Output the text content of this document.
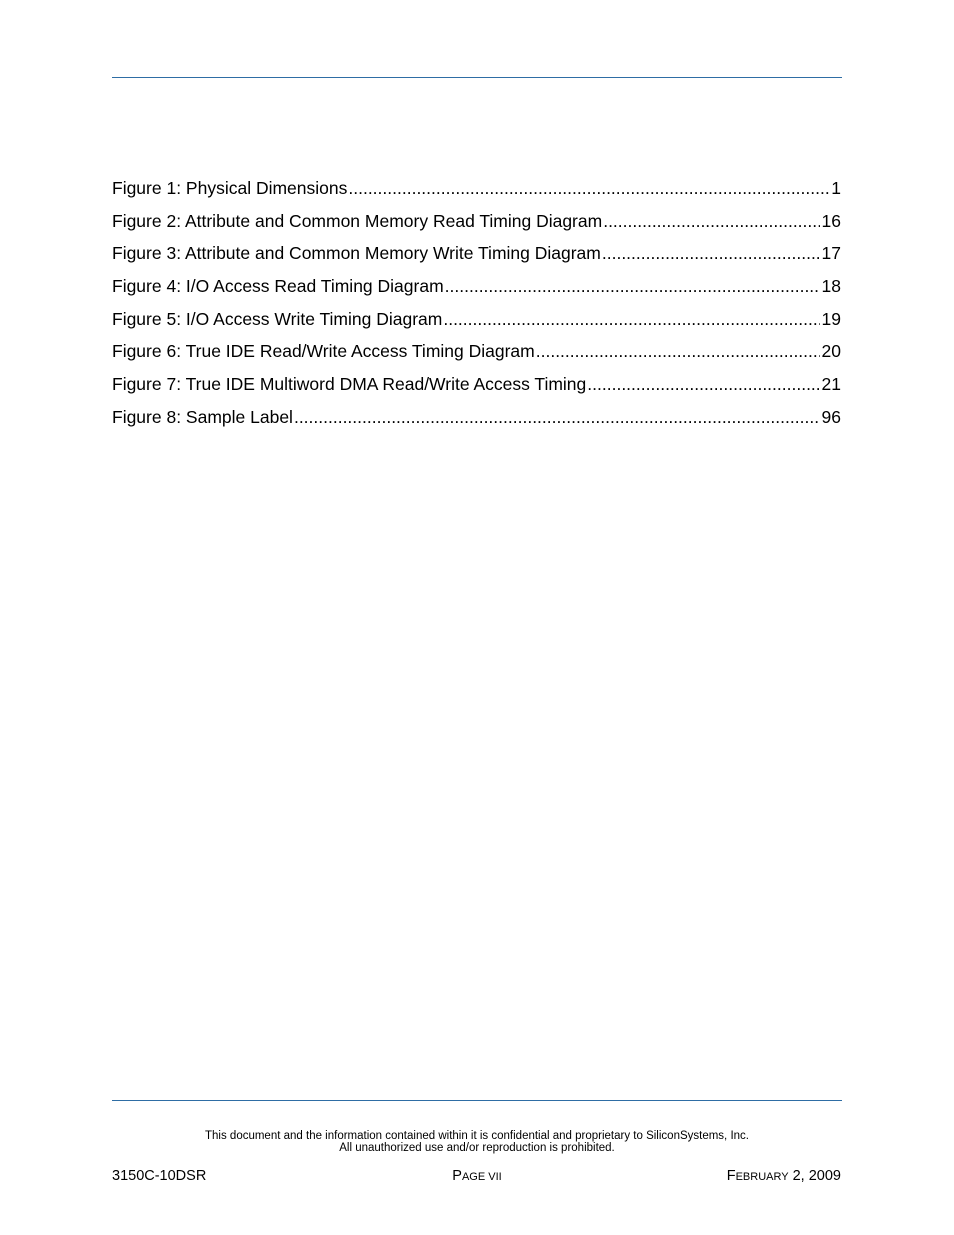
Figure 1: Physical Dimensions .....	1
Figure 2: Attribute and Common Memory Read Timing Diagram .....	16
Figure 3: Attribute and Common Memory Write Timing Diagram .....	17
Figure 4: I/O Access Read Timing Diagram .....	18
Figure 5: I/O Access Write Timing Diagram .....	19
Figure 6: True IDE Read/Write Access Timing Diagram .....	20
Figure 7: True IDE Multiword DMA Read/Write Access Timing .....	21
Figure 8: Sample Label .....	96
This document and the information contained within it is confidential and proprietary to SiliconSystems, Inc.
All unauthorized use and/or reproduction is prohibited.
3150C-10DSR	PAGE VII	FEBRUARY 2, 2009
